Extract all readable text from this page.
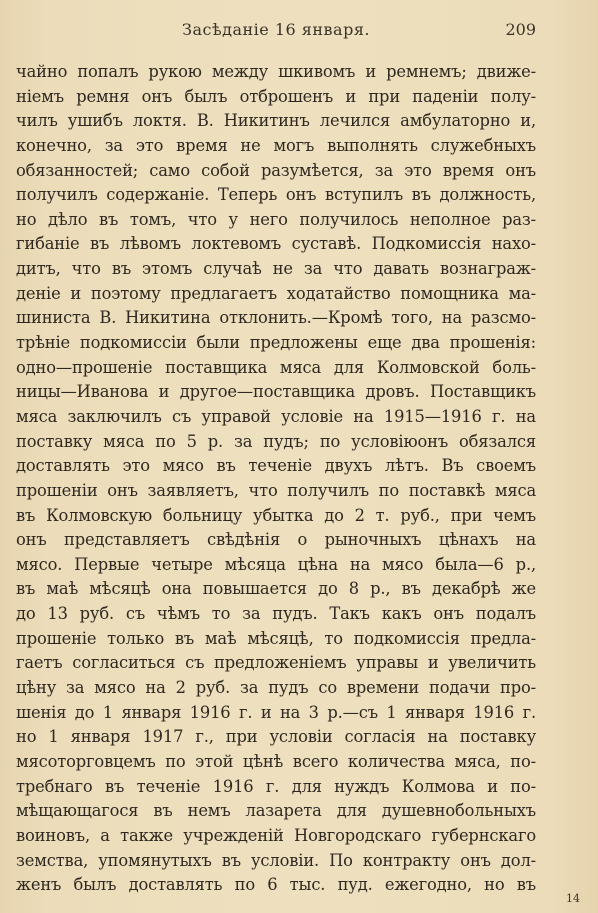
Засѣданіе 16 января.	209
чайно попалъ рукою между шкивомъ и ремнемъ; движе-
ніемъ ремня онъ былъ отброшенъ и при паденіи полу-
чилъ ушибъ локтя. В. Никитинъ лечился амбулаторно и,
конечно, за это время не могъ выполнять служебныхъ
обязанностей; само собой разумѣется, за это время онъ
получилъ содержаніе. Теперь онъ вступилъ въ должность,
но дѣло въ томъ, что у него получилось неполное раз-
гибаніе въ лѣвомъ локтевомъ суставѣ. Подкомиссія нахо-
дитъ, что въ этомъ случаѣ не за что давать вознаграж-
деніе и поэтому предлагаетъ ходатайство помощника ма-
шиниста В. Никитина отклонить.—Кромѣ того, на разсмо-
трѣніе подкомиссіи были предложены еще два прошенія:
одно—прошеніе поставщика мяса для Колмовской боль-
ницы—Иванова и другое—поставщика дровъ. Поставщикъ
мяса заключилъ съ управой условіе на 1915—1916 г. на
поставку мяса по 5 р. за пудъ; по условіюонъ обязался
доставлять это мясо въ теченіе двухъ лѣтъ. Въ своемъ
прошеніи онъ заявляетъ, что получилъ по поставкѣ мяса
въ Колмовскую больницу убытка до 2 т. руб., при чемъ
онъ представляетъ свѣдѣнія о рыночныхъ цѣнахъ на
мясо. Первые четыре мѣсяца цѣна на мясо была—6 р.,
въ маѣ мѣсяцѣ она повышается до 8 р., въ декабрѣ же
до 13 руб. съ чѣмъ то за пудъ. Такъ какъ онъ подалъ
прошеніе только въ маѣ мѣсяцѣ, то подкомиссія предла-
гаетъ согласиться съ предложеніемъ управы и увеличить
цѣну за мясо на 2 руб. за пудъ со времени подачи про-
шенія до 1 января 1916 г. и на 3 р.—съ 1 января 1916 г.
но 1 января 1917 г., при условіи согласія на поставку
мясоторговцемъ по этой цѣнѣ всего количества мяса, по-
требнаго въ теченіе 1916 г. для нуждъ Колмова и по-
мѣщающагося въ немъ лазарета для душевнобольныхъ
воиновъ, а также учрежденій Новгородскаго губернскаго
земства, упомянутыхъ въ условіи. По контракту онъ дол-
женъ былъ доставлять по 6 тыс. пуд. ежегодно, но въ
14
